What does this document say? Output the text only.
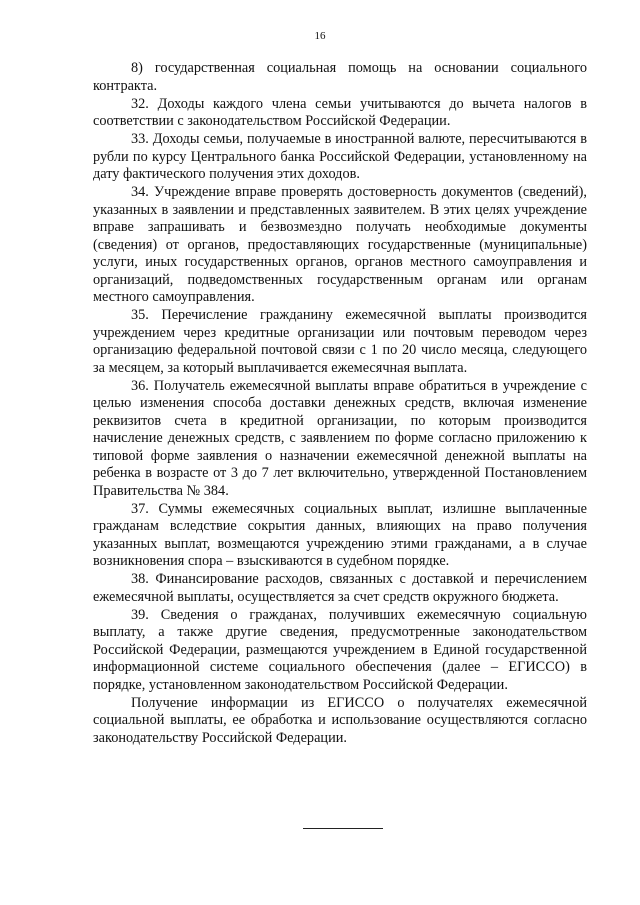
16

8) государственная социальная помощь на основании социального контракта.

32. Доходы каждого члена семьи учитываются до вычета налогов в соответствии с законодательством Российской Федерации.

33. Доходы семьи, получаемые в иностранной валюте, пересчитываются в рубли по курсу Центрального банка Российской Федерации, установленному на дату фактического получения этих доходов.

34. Учреждение вправе проверять достоверность документов (сведений), указанных в заявлении и представленных заявителем. В этих целях учреждение вправе запрашивать и безвозмездно получать необходимые документы (сведения) от органов, предоставляющих государственные (муниципальные) услуги, иных государственных органов, органов местного самоуправления и организаций, подведомственных государственным органам или органам местного самоуправления.

35. Перечисление гражданину ежемесячной выплаты производится учреждением через кредитные организации или почтовым переводом через организацию федеральной почтовой связи с 1 по 20 число месяца, следующего за месяцем, за который выплачивается ежемесячная выплата.

36. Получатель ежемесячной выплаты вправе обратиться в учреждение с целью изменения способа доставки денежных средств, включая изменение реквизитов счета в кредитной организации, по которым производится начисление денежных средств, с заявлением по форме согласно приложению к типовой форме заявления о назначении ежемесячной денежной выплаты на ребенка в возрасте от 3 до 7 лет включительно, утвержденной Постановлением Правительства № 384.

37. Суммы ежемесячных социальных выплат, излишне выплаченные гражданам вследствие сокрытия данных, влияющих на право получения указанных выплат, возмещаются учреждению этими гражданами, а в случае возникновения спора – взыскиваются в судебном порядке.

38. Финансирование расходов, связанных с доставкой и перечислением ежемесячной выплаты, осуществляется за счет средств окружного бюджета.

39. Сведения о гражданах, получивших ежемесячную социальную выплату, а также другие сведения, предусмотренные законодательством Российской Федерации, размещаются учреждением в Единой государственной информационной системе социального обеспечения (далее – ЕГИССО) в порядке, установленном законодательством Российской Федерации.

Получение информации из ЕГИССО о получателях ежемесячной социальной выплаты, ее обработка и использование осуществляются согласно законодательству Российской Федерации.
